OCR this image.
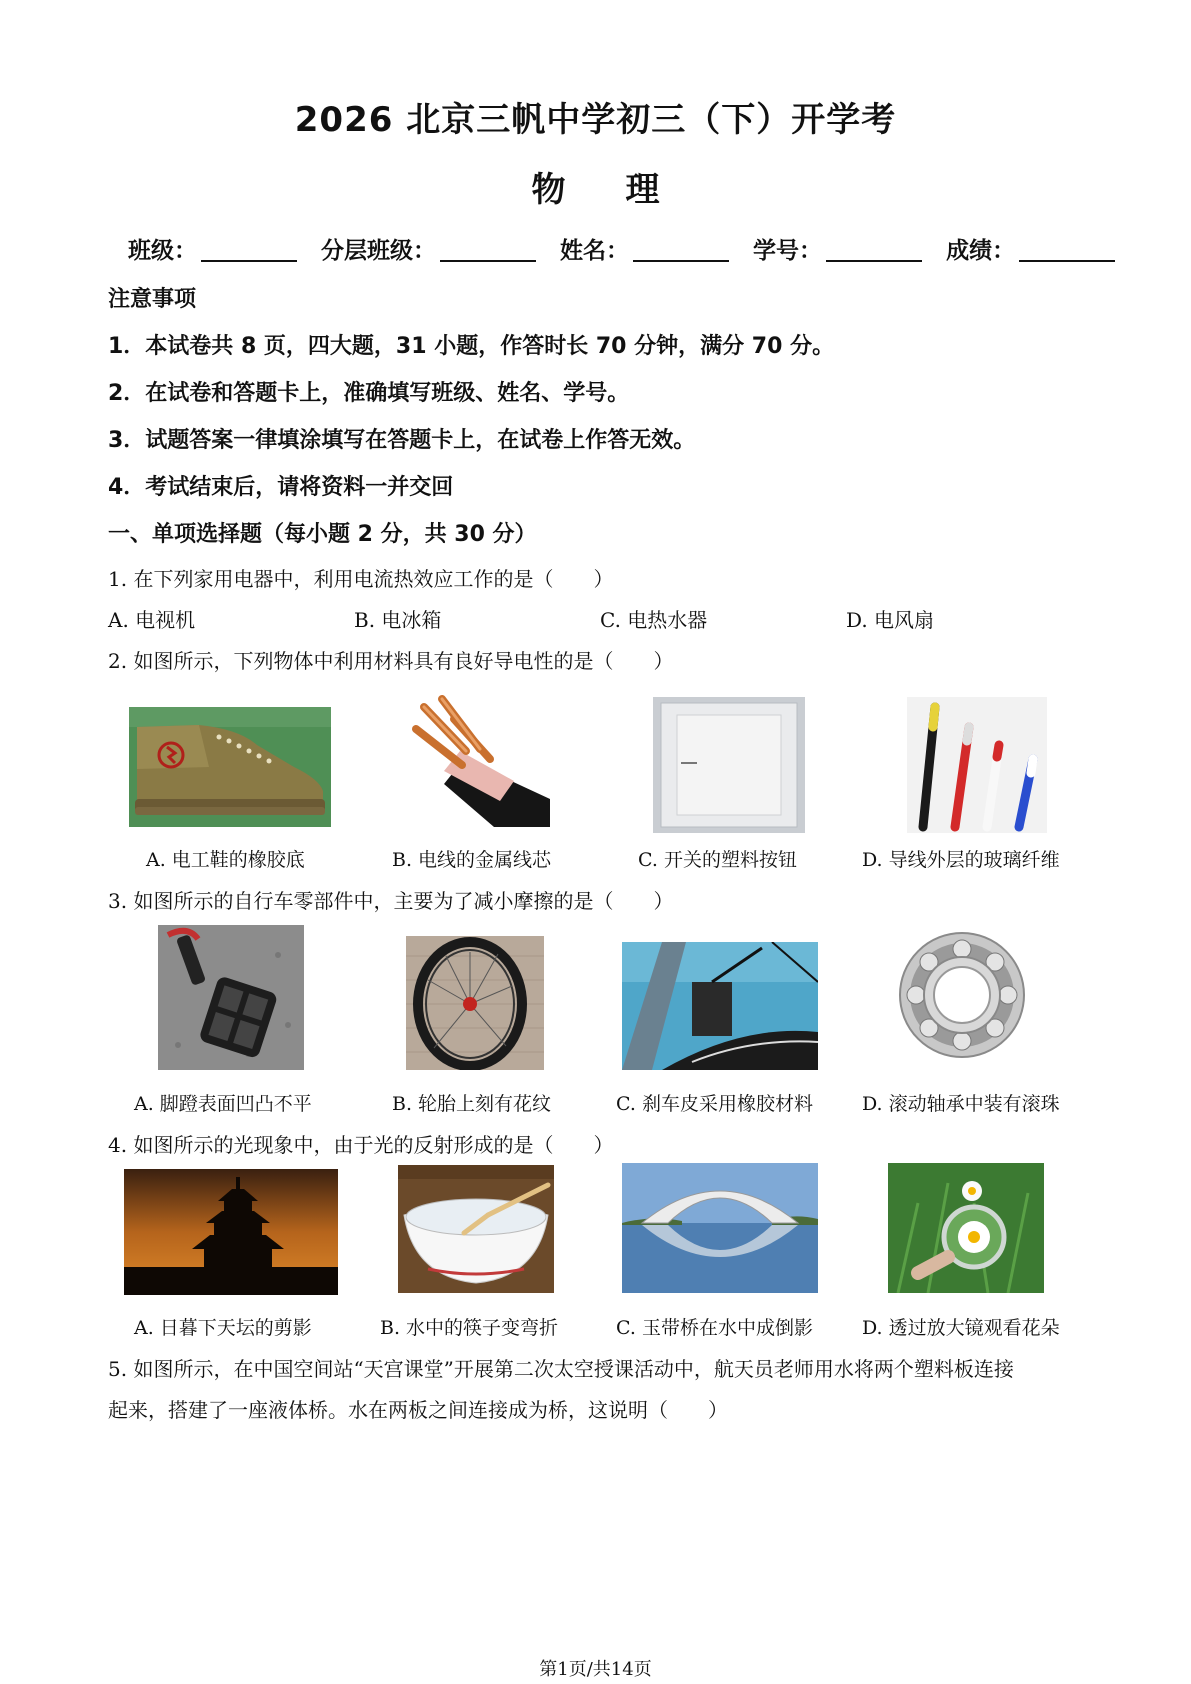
2026 北京三帆中学初三（下）开学考
物理
班级：	分层班级：	姓名：	学号：	成绩：
注意事项
1．本试卷共 8 页，四大题，31 小题，作答时长 70 分钟，满分 70 分。
2．在试卷和答题卡上，准确填写班级、姓名、学号。
3．试题答案一律填涂填写在答题卡上，在试卷上作答无效。
4．考试结束后，请将资料一并交回
一、单项选择题（每小题 2 分，共 30 分）
1. 在下列家用电器中，利用电流热效应工作的是（　　）
A. 电视机	B. 电冰箱	C. 电热水器	D. 电风扇
2. 如图所示，下列物体中利用材料具有良好导电性的是（　　）
A. 电工鞋的橡胶底	B. 电线的金属线芯	C. 开关的塑料按钮	D. 导线外层的玻璃纤维
3. 如图所示的自行车零部件中，主要为了减小摩擦的是（　　）
A. 脚蹬表面凹凸不平	B. 轮胎上刻有花纹	C. 刹车皮采用橡胶材料	D. 滚动轴承中装有滚珠
4. 如图所示的光现象中，由于光的反射形成的是（　　）
A. 日暮下天坛的剪影	B. 水中的筷子变弯折	C. 玉带桥在水中成倒影	D. 透过放大镜观看花朵
5. 如图所示，在中国空间站“天宫课堂”开展第二次太空授课活动中，航天员老师用水将两个塑料板连接
起来，搭建了一座液体桥。水在两板之间连接成为桥，这说明（　　）
第1页/共14页
